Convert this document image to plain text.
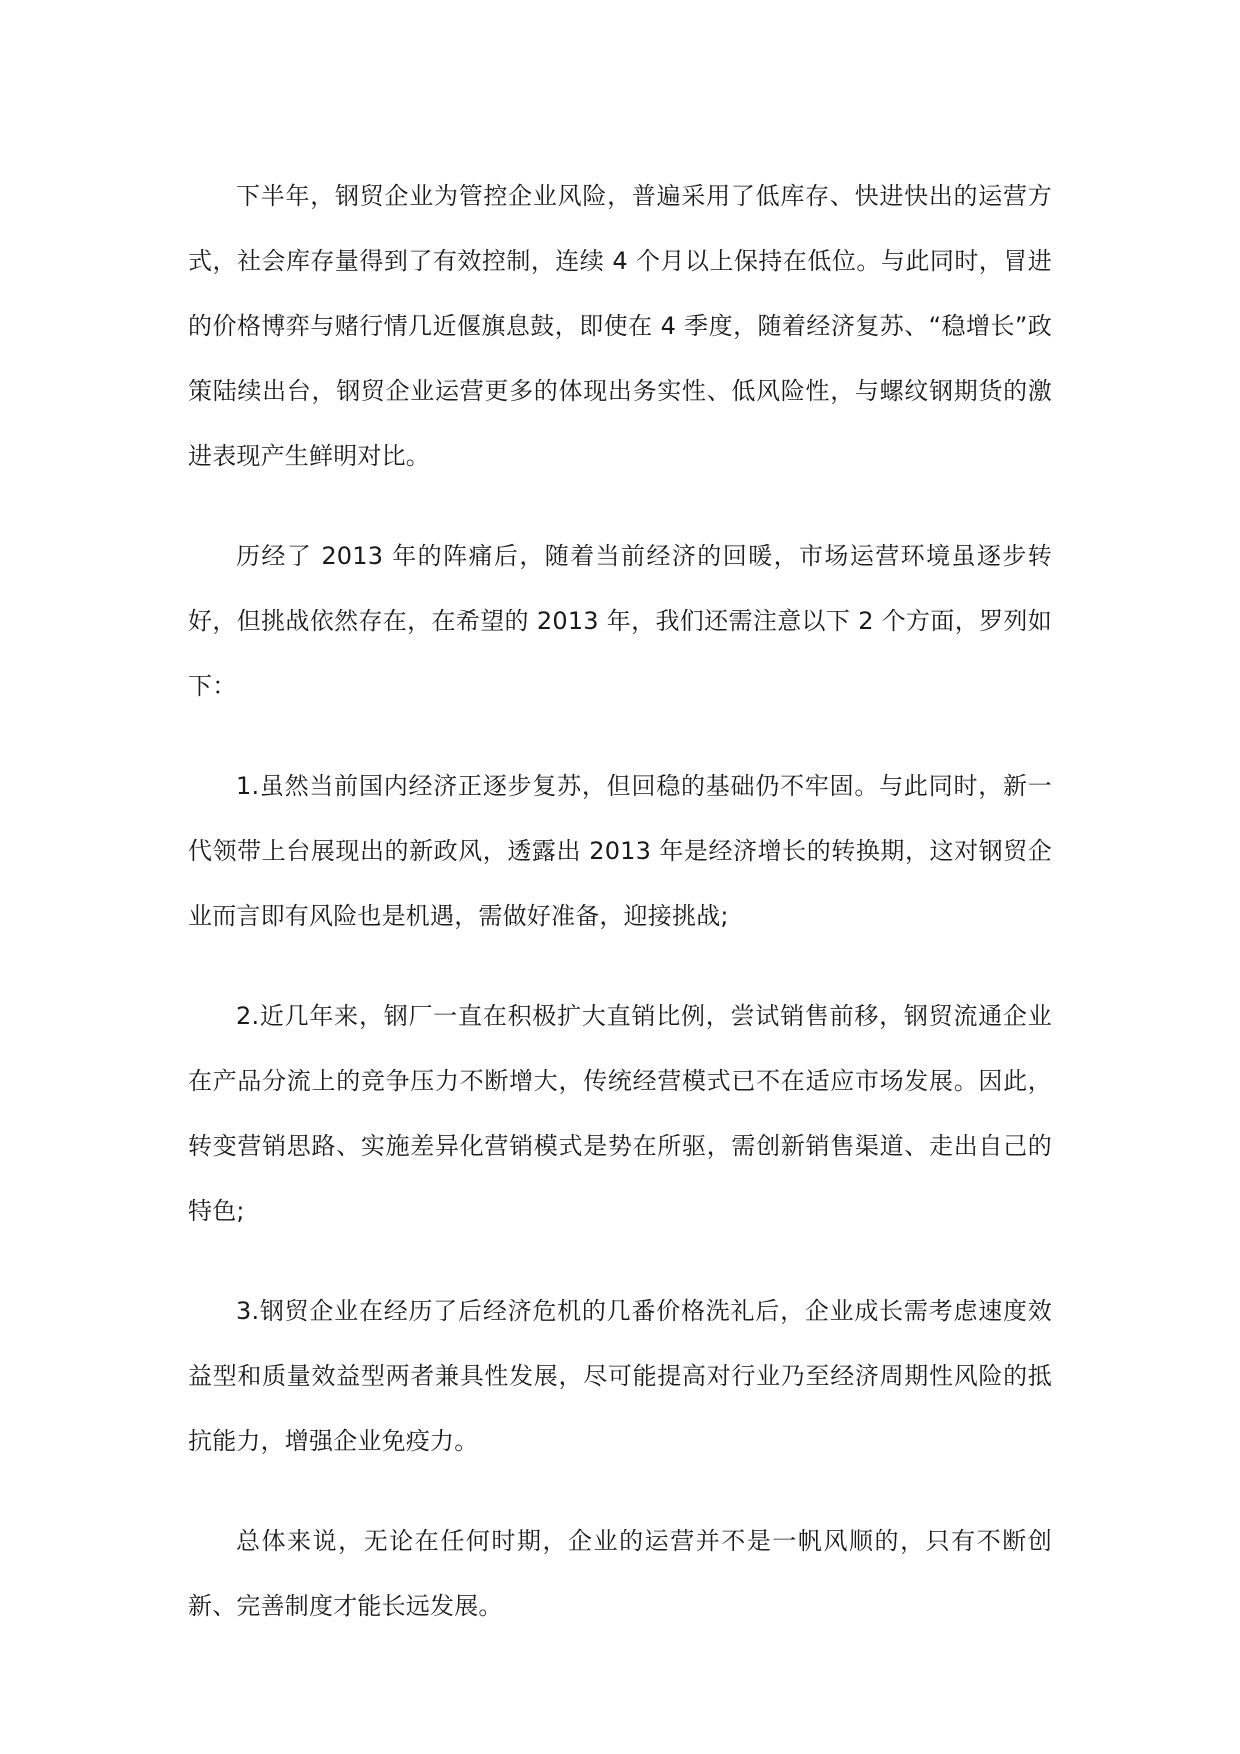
下半年，钢贸企业为管控企业风险，普遍采用了低库存、快进快出的运营方式，社会库存量得到了有效控制，连续 4 个月以上保持在低位。与此同时，冒进的价格博弈与赌行情几近偃旗息鼓，即使在 4 季度，随着经济复苏、“稳增长”政策陆续出台，钢贸企业运营更多的体现出务实性、低风险性，与螺纹钢期货的激进表现产生鲜明对比。

历经了 2013 年的阵痛后，随着当前经济的回暖，市场运营环境虽逐步转好，但挑战依然存在，在希望的 2013 年，我们还需注意以下 2 个方面，罗列如下：

1.虽然当前国内经济正逐步复苏，但回稳的基础仍不牢固。与此同时，新一代领带上台展现出的新政风，透露出 2013 年是经济增长的转换期，这对钢贸企业而言即有风险也是机遇，需做好准备，迎接挑战;

2.近几年来，钢厂一直在积极扩大直销比例，尝试销售前移，钢贸流通企业在产品分流上的竞争压力不断增大，传统经营模式已不在适应市场发展。因此，转变营销思路、实施差异化营销模式是势在所驱，需创新销售渠道、走出自己的特色;

3.钢贸企业在经历了后经济危机的几番价格洗礼后，企业成长需考虑速度效益型和质量效益型两者兼具性发展，尽可能提高对行业乃至经济周期性风险的抵抗能力，增强企业免疫力。

总体来说，无论在任何时期，企业的运营并不是一帆风顺的，只有不断创新、完善制度才能长远发展。
